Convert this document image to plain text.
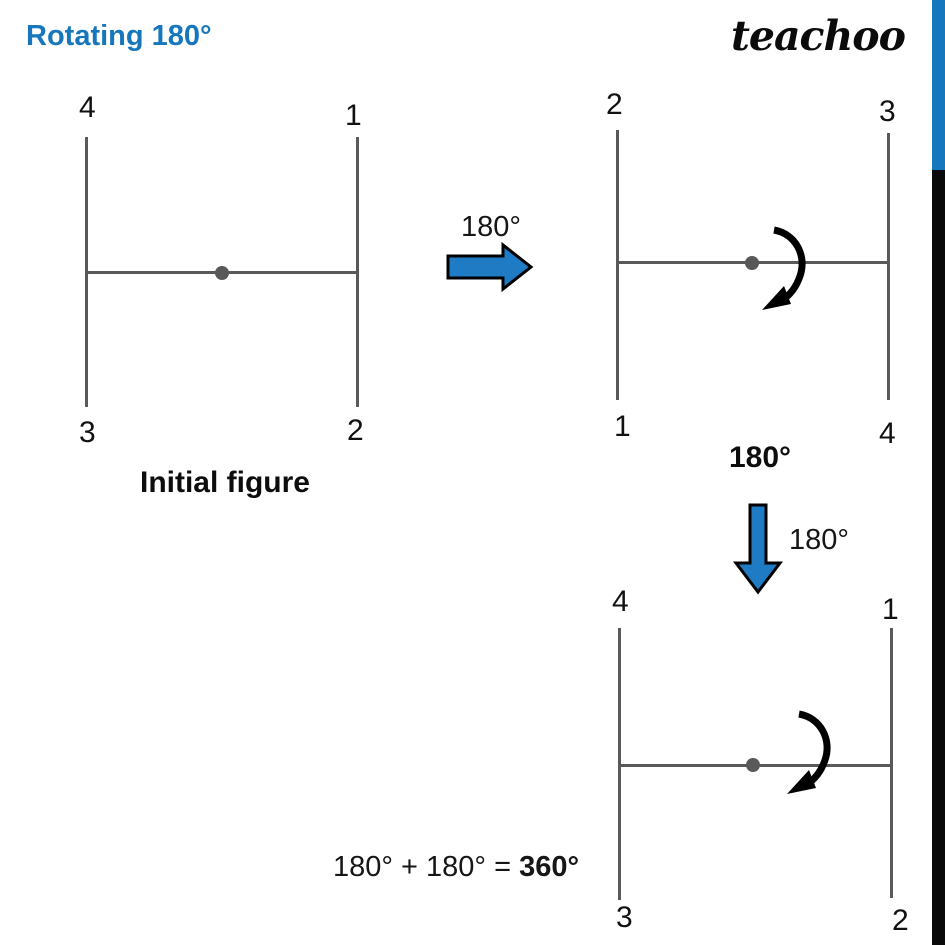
Rotating 180°	teachoo
4	1
3	2
Initial figure
180°
2	3
1	4
180°
180°
4	1
3	2
180° + 180° = 360°
